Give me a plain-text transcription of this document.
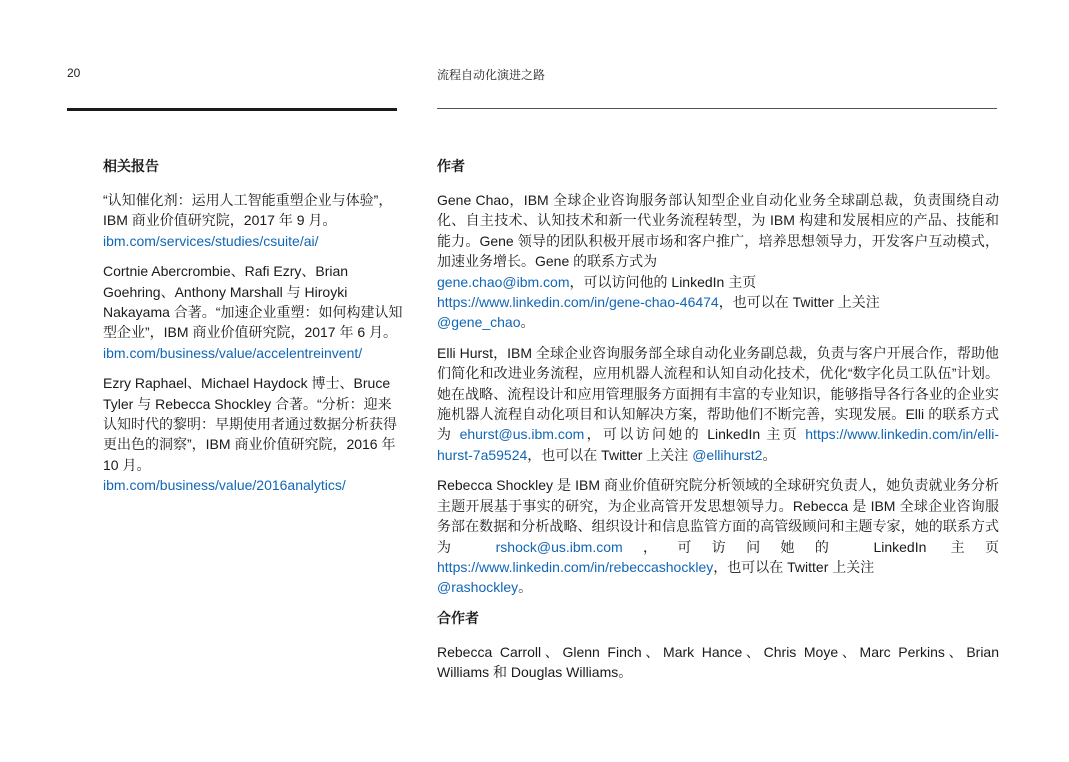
20	流程自动化演进之路
相关报告

“认知催化剂：运用人工智能重塑企业与体验”，IBM 商业价值研究院，2017 年 9 月。ibm.com/services/studies/csuite/ai/

Cortnie Abercrombie、Rafi Ezry、Brian Goehring、Anthony Marshall 与 Hiroyki Nakayama 合著。“加速企业重塑：如何构建认知型企业”，IBM 商业价值研究院，2017 年 6 月。
ibm.com/business/value/accelentreinvent/

Ezry Raphael、Michael Haydock 博士、Bruce Tyler 与 Rebecca Shockley 合著。“分析：迎来认知时代的黎明：早期使用者通过数据分析获得更出色的洞察”，IBM 商业价值研究院，2016 年 10 月。
ibm.com/business/value/2016analytics/

作者

Gene Chao，IBM 全球企业咨询服务部认知型企业自动化业务全球副总裁，负责围绕自动化、自主技术、认知技术和新一代业务流程转型，为 IBM 构建和发展相应的产品、技能和能力。Gene 领导的团队积极开展市场和客户推广，培养思想领导力，开发客户互动模式，加速业务增长。Gene 的联系方式为
gene.chao@ibm.com，可以访问他的 LinkedIn 主页
https://www.linkedin.com/in/gene-chao-46474，也可以在 Twitter 上关注
@gene_chao。

Elli Hurst，IBM 全球企业咨询服务部全球自动化业务副总裁，负责与客户开展合作，帮助他们简化和改进业务流程，应用机器人流程和认知自动化技术，优化“数字化员工队伍”计划。她在战略、流程设计和应用管理服务方面拥有丰富的专业知识，能够指导各行各业的企业实施机器人流程自动化项目和认知解决方案，帮助他们不断完善，实现发展。Elli 的联系方式为 ehurst@us.ibm.com，可以访问她的 LinkedIn 主页 https://www.linkedin.com/in/elli-hurst-7a59524，也可以在 Twitter 上关注 @ellihurst2。

Rebecca Shockley 是 IBM 商业价值研究院分析领域的全球研究负责人，她负责就业务分析主题开展基于事实的研究，为企业高管开发思想领导力。Rebecca 是 IBM 全球企业咨询服务部在数据和分析战略、组织设计和信息监管方面的高管级顾问和主题专家，她的联系方式为 rshock@us.ibm.com，可访问她的 LinkedIn 主页 https://www.linkedin.com/in/rebeccashockley，也可以在 Twitter 上关注
@rashockley。

合作者

Rebecca Carroll、Glenn Finch、Mark Hance、Chris Moye、Marc Perkins、Brian Williams 和 Douglas Williams。
